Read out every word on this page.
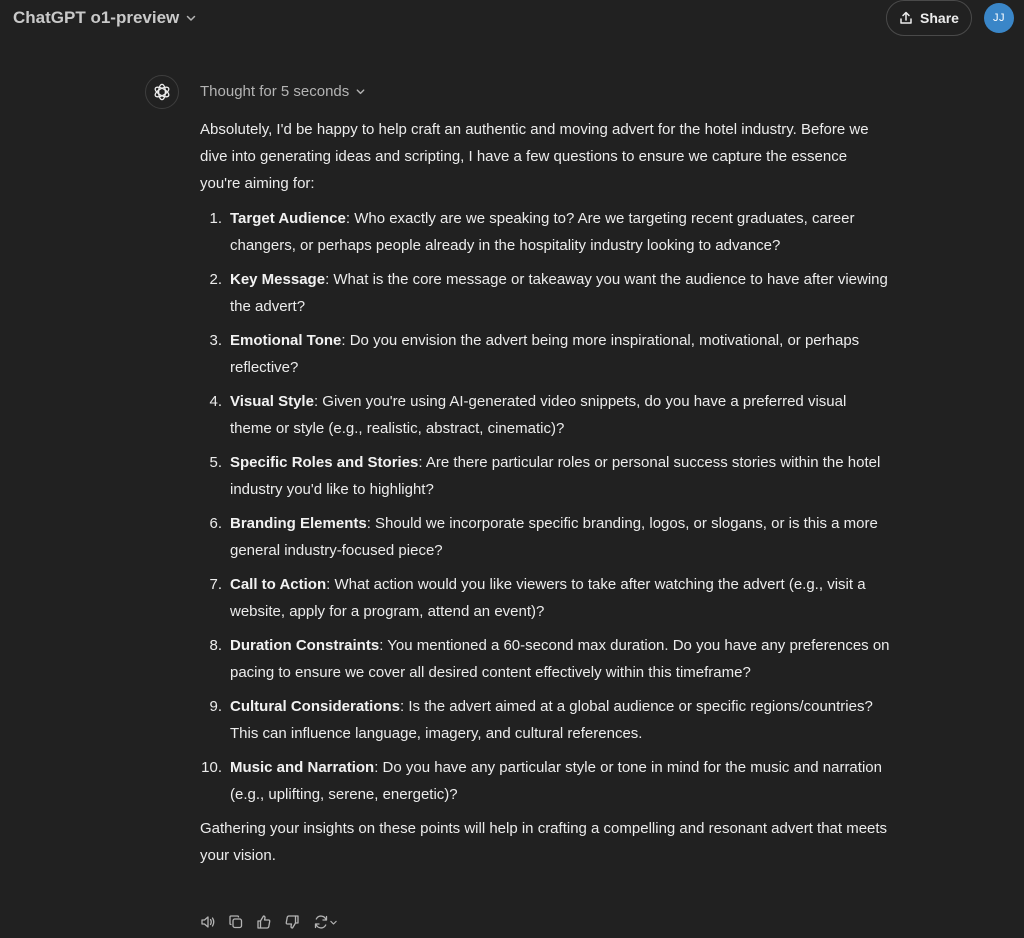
ChatGPT o1-preview	Share	JJ
Thought for 5 seconds

Absolutely, I'd be happy to help craft an authentic and moving advert for the hotel industry. Before we dive into generating ideas and scripting, I have a few questions to ensure we capture the essence you're aiming for:

1. Target Audience: Who exactly are we speaking to? Are we targeting recent graduates, career changers, or perhaps people already in the hospitality industry looking to advance?
2. Key Message: What is the core message or takeaway you want the audience to have after viewing the advert?
3. Emotional Tone: Do you envision the advert being more inspirational, motivational, or perhaps reflective?
4. Visual Style: Given you're using AI-generated video snippets, do you have a preferred visual theme or style (e.g., realistic, abstract, cinematic)?
5. Specific Roles and Stories: Are there particular roles or personal success stories within the hotel industry you'd like to highlight?
6. Branding Elements: Should we incorporate specific branding, logos, or slogans, or is this a more general industry-focused piece?
7. Call to Action: What action would you like viewers to take after watching the advert (e.g., visit a website, apply for a program, attend an event)?
8. Duration Constraints: You mentioned a 60-second max duration. Do you have any preferences on pacing to ensure we cover all desired content effectively within this timeframe?
9. Cultural Considerations: Is the advert aimed at a global audience or specific regions/countries? This can influence language, imagery, and cultural references.
10. Music and Narration: Do you have any particular style or tone in mind for the music and narration (e.g., uplifting, serene, energetic)?

Gathering your insights on these points will help in crafting a compelling and resonant advert that meets your vision.
